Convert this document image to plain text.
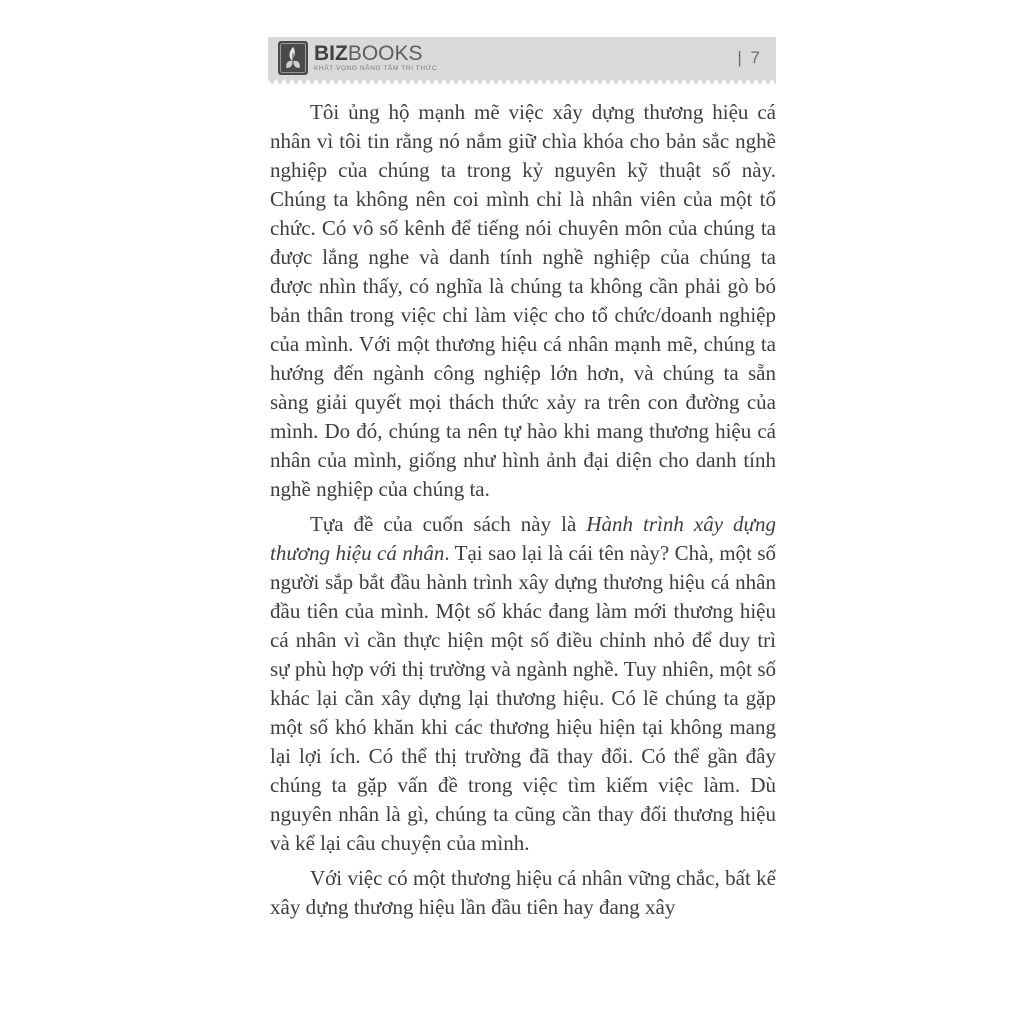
BIZBOOKS
KHÁT VỌNG NÂNG TẦM TRI THỨC
| 7

Tôi ủng hộ mạnh mẽ việc xây dựng thương hiệu cá nhân vì tôi tin rằng nó nắm giữ chìa khóa cho bản sắc nghề nghiệp của chúng ta trong kỷ nguyên kỹ thuật số này. Chúng ta không nên coi mình chỉ là nhân viên của một tổ chức. Có vô số kênh để tiếng nói chuyên môn của chúng ta được lắng nghe và danh tính nghề nghiệp của chúng ta được nhìn thấy, có nghĩa là chúng ta không cần phải gò bó bản thân trong việc chỉ làm việc cho tổ chức/doanh nghiệp của mình. Với một thương hiệu cá nhân mạnh mẽ, chúng ta hướng đến ngành công nghiệp lớn hơn, và chúng ta sẵn sàng giải quyết mọi thách thức xảy ra trên con đường của mình. Do đó, chúng ta nên tự hào khi mang thương hiệu cá nhân của mình, giống như hình ảnh đại diện cho danh tính nghề nghiệp của chúng ta.

Tựa đề của cuốn sách này là Hành trình xây dựng thương hiệu cá nhân. Tại sao lại là cái tên này? Chà, một số người sắp bắt đầu hành trình xây dựng thương hiệu cá nhân đầu tiên của mình. Một số khác đang làm mới thương hiệu cá nhân vì cần thực hiện một số điều chỉnh nhỏ để duy trì sự phù hợp với thị trường và ngành nghề. Tuy nhiên, một số khác lại cần xây dựng lại thương hiệu. Có lẽ chúng ta gặp một số khó khăn khi các thương hiệu hiện tại không mang lại lợi ích. Có thể thị trường đã thay đổi. Có thể gần đây chúng ta gặp vấn đề trong việc tìm kiếm việc làm. Dù nguyên nhân là gì, chúng ta cũng cần thay đổi thương hiệu và kể lại câu chuyện của mình.

Với việc có một thương hiệu cá nhân vững chắc, bất kể xây dựng thương hiệu lần đầu tiên hay đang xây
